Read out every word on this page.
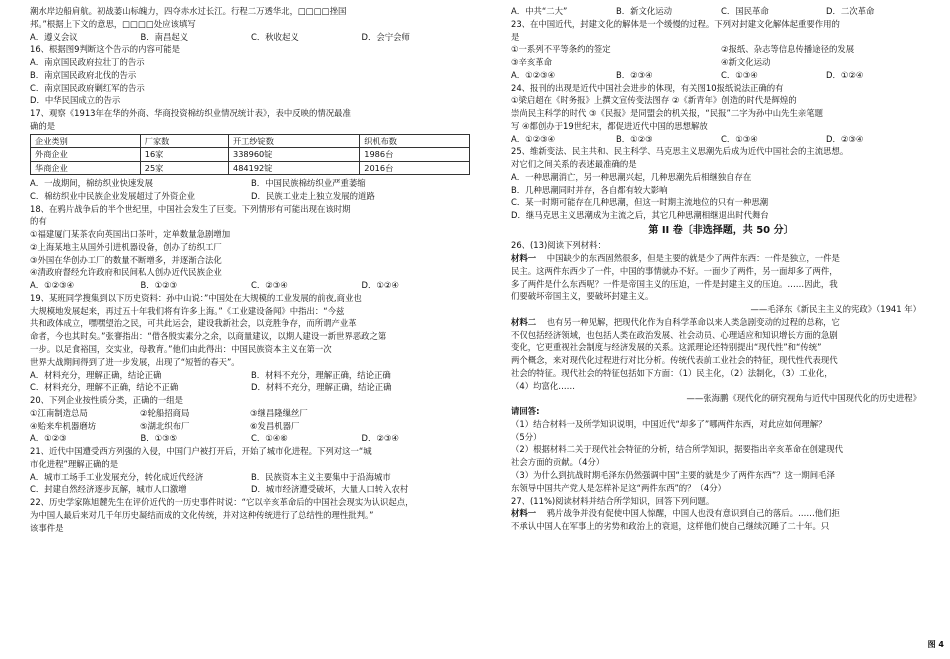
潮水岸边船肩航。初战萎山标魄力，四夺赤水过长江。行程二万透华北，□□□□挫国
邦。”根据上下文的意思，□□□□处应该填写
A．遵义会议	B．南昌起义	C．秋收起义	D．会宁会师
16、根据图9判断这个告示的内容可能是
A．南京国民政府拉壮丁的告示
B．南京国民政府北伐的告示
C．南京国民政府剿红军的告示
D．中华民国成立的告示
17、观察《1913年在华的外商、华商投资棉纺织业情况统计表》，表中反映的情况最准
确的是
企业类别	厂家数	开工纱锭数	织机布数
外商企业	16家	338960锭	1986台
华商企业	25家	484192锭	2016台
A．一战期间，棉纺织业快速发展	B．中国民族棉纺织业严重萎缩
C．棉纺织业中民族企业发展超过了外资企业	D．民族工业走上独立发展的道路
18、在鸦片战争后的半个世纪里，中国社会发生了巨变。下列情形有可能出现在该时期
的有
①福建厦门某茶农向英国出口茶叶，定单数量急剧增加
②上海某地主从国外引进机器设备，创办了纺织工厂
③外国在华创办工厂的数量不断增多，并逐渐合法化
④清政府督经允许政府和民间私人创办近代民族企业
A．①②③④	B．①②③	C．②③④	D．①②④
19、某班同学搜集到以下历史资料：孙中山说：”中国处在大规模的工业发展的前夜,商业也
大规模地发展起来，再过五十年我们将有许多上海。”《工业建设备闻》中指出：“今兹
共和政体成立，嘿嘿望治之民，可共此运会，建设我新社会，以竞胜争存，而所谓产业革
命者，今也其时矣。”张謇指出：“借各殷实素分之余，以商量建议，以期人建设一新世界恶政之第
一步。以足食裕国，交实业，母教育。”他们由此得出：中国民族资本主义在第一次
世界大战期间得到了进一步发展，出现了“短暂的春天”。
A．材料充分，理解正确，结论正确	B．材料不充分，理解正确，结论正确
C．材料充分，理解不正确，结论不正确	D．材料不充分，理解正确，结论正确
20、下列企业按性质分类，正确的一组是
①江南制造总局	②轮船招商局	③继昌隆缫丝厂
④贻来牟机器磨坊	⑤湖北织布厂	⑥发昌机器厂
A．①②③	B．①③⑤	C．①④⑥	D．②③④
21、近代中国遭受西方列强的入侵，中国门户被打开后，开始了城市化进程。下列对这一“城
市化进程”理解正确的是
A．城市工场手工业发展充分，转化成近代经济	B．民族资本主义主要集中于沿海城市
C．封建自然经济逐步瓦解，城市人口激增	D．城市经济遭受破坏，大量人口转入农村
22、历史学家陈旭麓先生在评价近代的一历史事件时说：“它以辛亥革命后的中国社会现实为认识起点，
为中国人最后来对几千年历史凝结而成的文化传统，并对这种传统进行了总结性的理性批判。”
该事件是
A．中共“二大”	B．新文化运动	C．国民革命	D．二次革命
23、在中国近代，封建文化的解体是一个缓慢的过程。下列对封建文化解体起重要作用的
是
①一系列不平等条约的签定	②报纸、杂志等信息传播途径的发展
③辛亥革命	④新文化运动
A．①②③④	B．②③④	C．①③④	D．①②④
24、报刊的出现是近代中国社会进步的体现，有关图10报纸说法正确的有
①梁启超在《时务报》上撰文宣传变法图存 ②《新青年》创造的时代是辉煌的
崇尚民主科学的时代 ③《民报》是同盟会的机关报，“民报”二字为孙中山先生亲笔题
写 ④都创办于19世纪末，都促进近代中国的思想解放
A．①②③④	B．①②③	C．①③④	D．②③④
25、维新变法、民主共和、民主科学、马克思主义思潮先后成为近代中国社会的主流思想。
对它们之间关系的表述最准确的是
A．一种思潮消亡，另一种思潮兴起，几种思潮先后相继独自存在
B．几种思潮同时并存，各自都有较大影响
C．某一时期可能存在几种思潮，但这一时期主流地位的只有一种思潮
D．继马克思主义思潮成为主流之后，其它几种思潮相继退出时代舞台
第 II 卷〔非选择题，共 50 分〕
26、(13)阅读下列材料：
材料一 中国缺少的东西固然很多，但是主要的就是少了两件东西：一件是独立，一件是
民主。这两件东西少了一件，中国的事情就办不好。一面少了两件，另一面却多了两件，
多了两件是什么东西呢？一件是帝国主义的压迫，一件是封建主义的压迫。……因此，我
们要破坏帝国主义，要破坏封建主义。
——毛泽东《新民主主义的宪政》（1941 年）
材料二 也有另一种见解，把现代化作为自科学革命以来人类急剧变动的过程的总称，它
不仅包括经济领域，也包括人类在政治发展、社会动员、心理适应和知识增长方面的急剧
变化，它更重视社会制度与经济发展的关系。这派理论还特别提出“现代性”和“传统”
两个概念，来对现代化过程进行对比分析。传统代表前工业社会的特征，现代性代表现代
社会的特征。现代社会的特征包括如下方面：（1）民主化，（2）法制化，（3）工业化，
（4）均富化……
——张海鹏《现代化的研究视角与近代中国现代化的历史进程》
请回答:
（1）结合材料一及所学知识说明，中国近代“却多了”哪两件东西，对此应如何理解？
（5分）
（2）根据材料二关于现代社会特征的分析，结合所学知识，据要指出辛亥革命在创建现代
社会方面的贡献。（4分）
（3）为什么到抗战时期毛泽东仍然强调中国“主要的就是少了两件东西”？这一期间毛泽
东领导中国共产党人是怎样补足这“两件东西”的？（4分）
27、(11%)阅读材料并结合所学知识，回答下列问题。
材料一 鸦片战争并没有促使中国人惊醒，中国人也没有意识到自己的落后。……他们拒
不承认中国人在军事上的劣势和政治上的衰退，这样他们使自己继续沉睡了二十年。只
图 4
